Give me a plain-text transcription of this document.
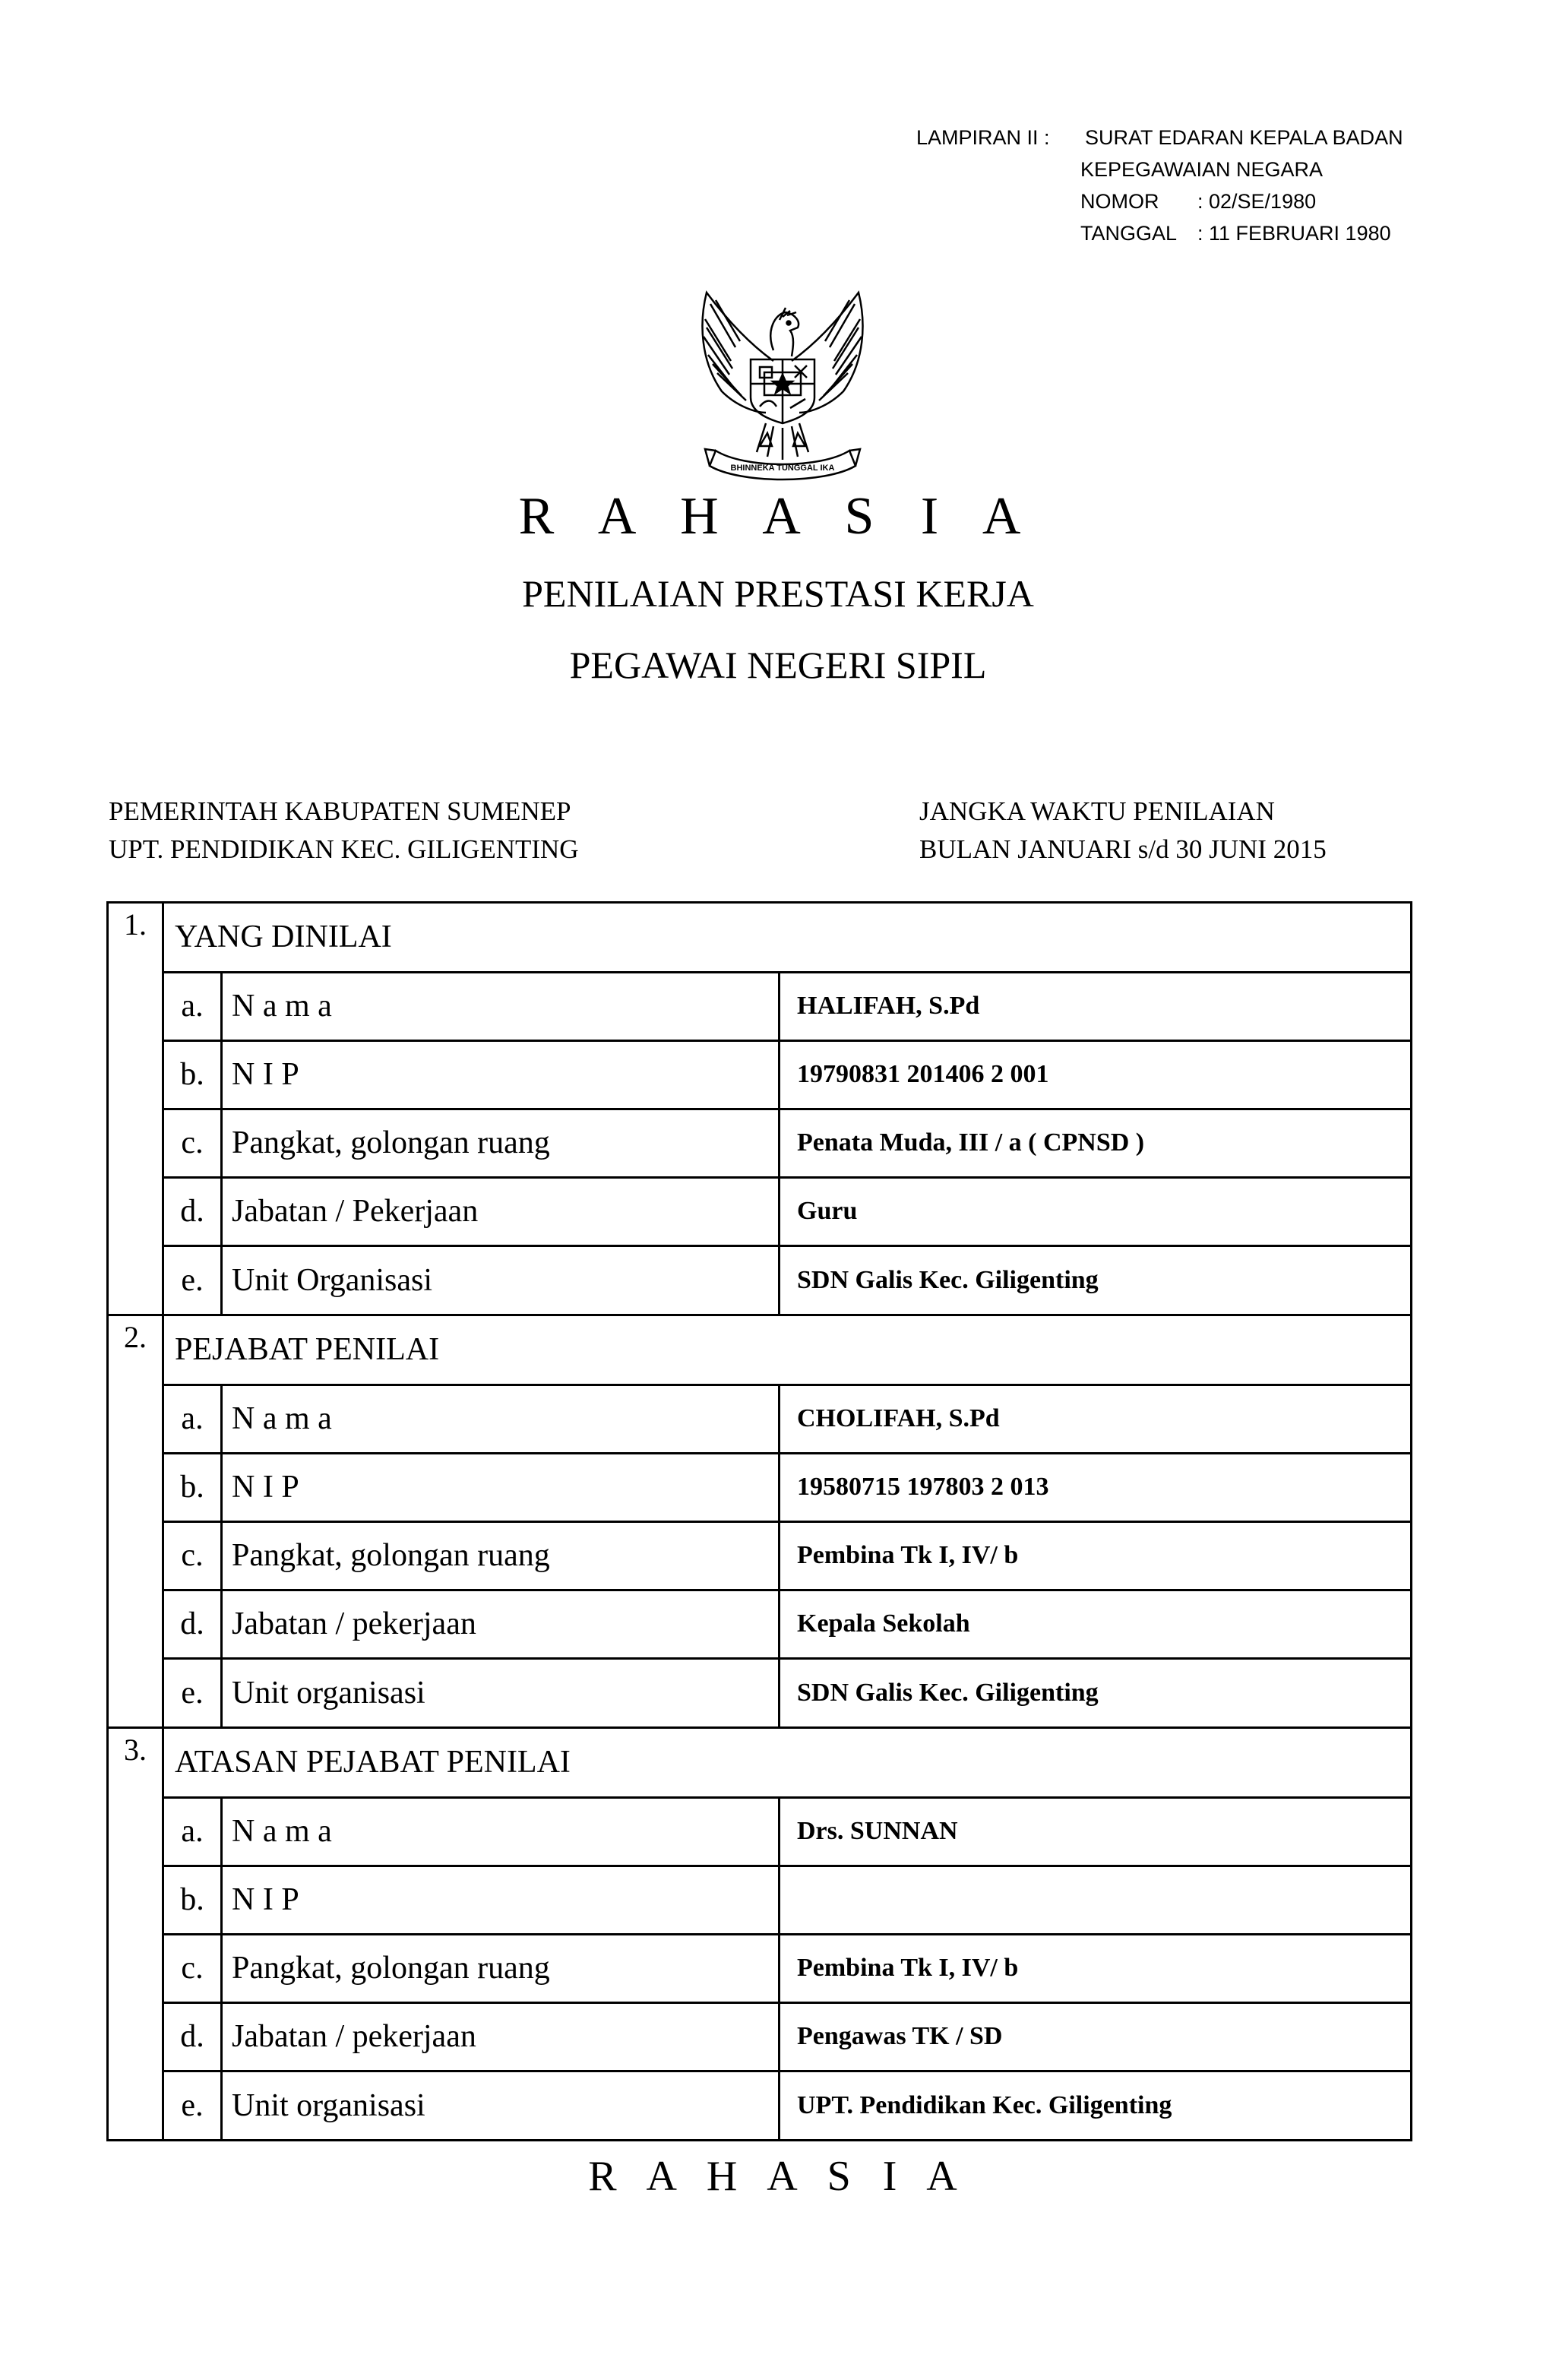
LAMPIRAN II :	SURAT EDARAN KEPALA BADAN
KEPEGAWAIAN NEGARA
NOMOR	: 02/SE/1980
TANGGAL : 11 FEBRUARI 1980
BHINNEKA TUNGGAL IKA
R A H A S I A
PENILAIAN PRESTASI KERJA
PEGAWAI NEGERI SIPIL
PEMERINTAH KABUPATEN SUMENEP
UPT. PENDIDIKAN KEC. GILIGENTING
JANGKA WAKTU PENILAIAN
BULAN JANUARI s/d 30 JUNI 2015
1.	YANG DINILAI		
	a.	N a m a	HALIFAH, S.Pd
	b.	N I P	19790831 201406 2 001
	c.	Pangkat, golongan ruang	Penata Muda, III / a ( CPNSD )
	d.	Jabatan / Pekerjaan	Guru
	e.	Unit Organisasi	SDN Galis Kec. Giligenting
2.	PEJABAT PENILAI		
	a.	N a m a	CHOLIFAH, S.Pd
	b.	N I P	19580715 197803 2 013
	c.	Pangkat, golongan ruang	Pembina Tk I, IV/ b
	d.	Jabatan / pekerjaan	Kepala Sekolah
	e.	Unit organisasi	SDN Galis Kec. Giligenting
3.	ATASAN PEJABAT PENILAI		
	a.	N a m a	Drs. SUNNAN
	b.	N I P	
	c.	Pangkat, golongan ruang	Pembina Tk I, IV/ b
	d.	Jabatan / pekerjaan	Pengawas TK / SD
	e.	Unit organisasi	UPT. Pendidikan Kec. Giligenting
R A H A S I A
